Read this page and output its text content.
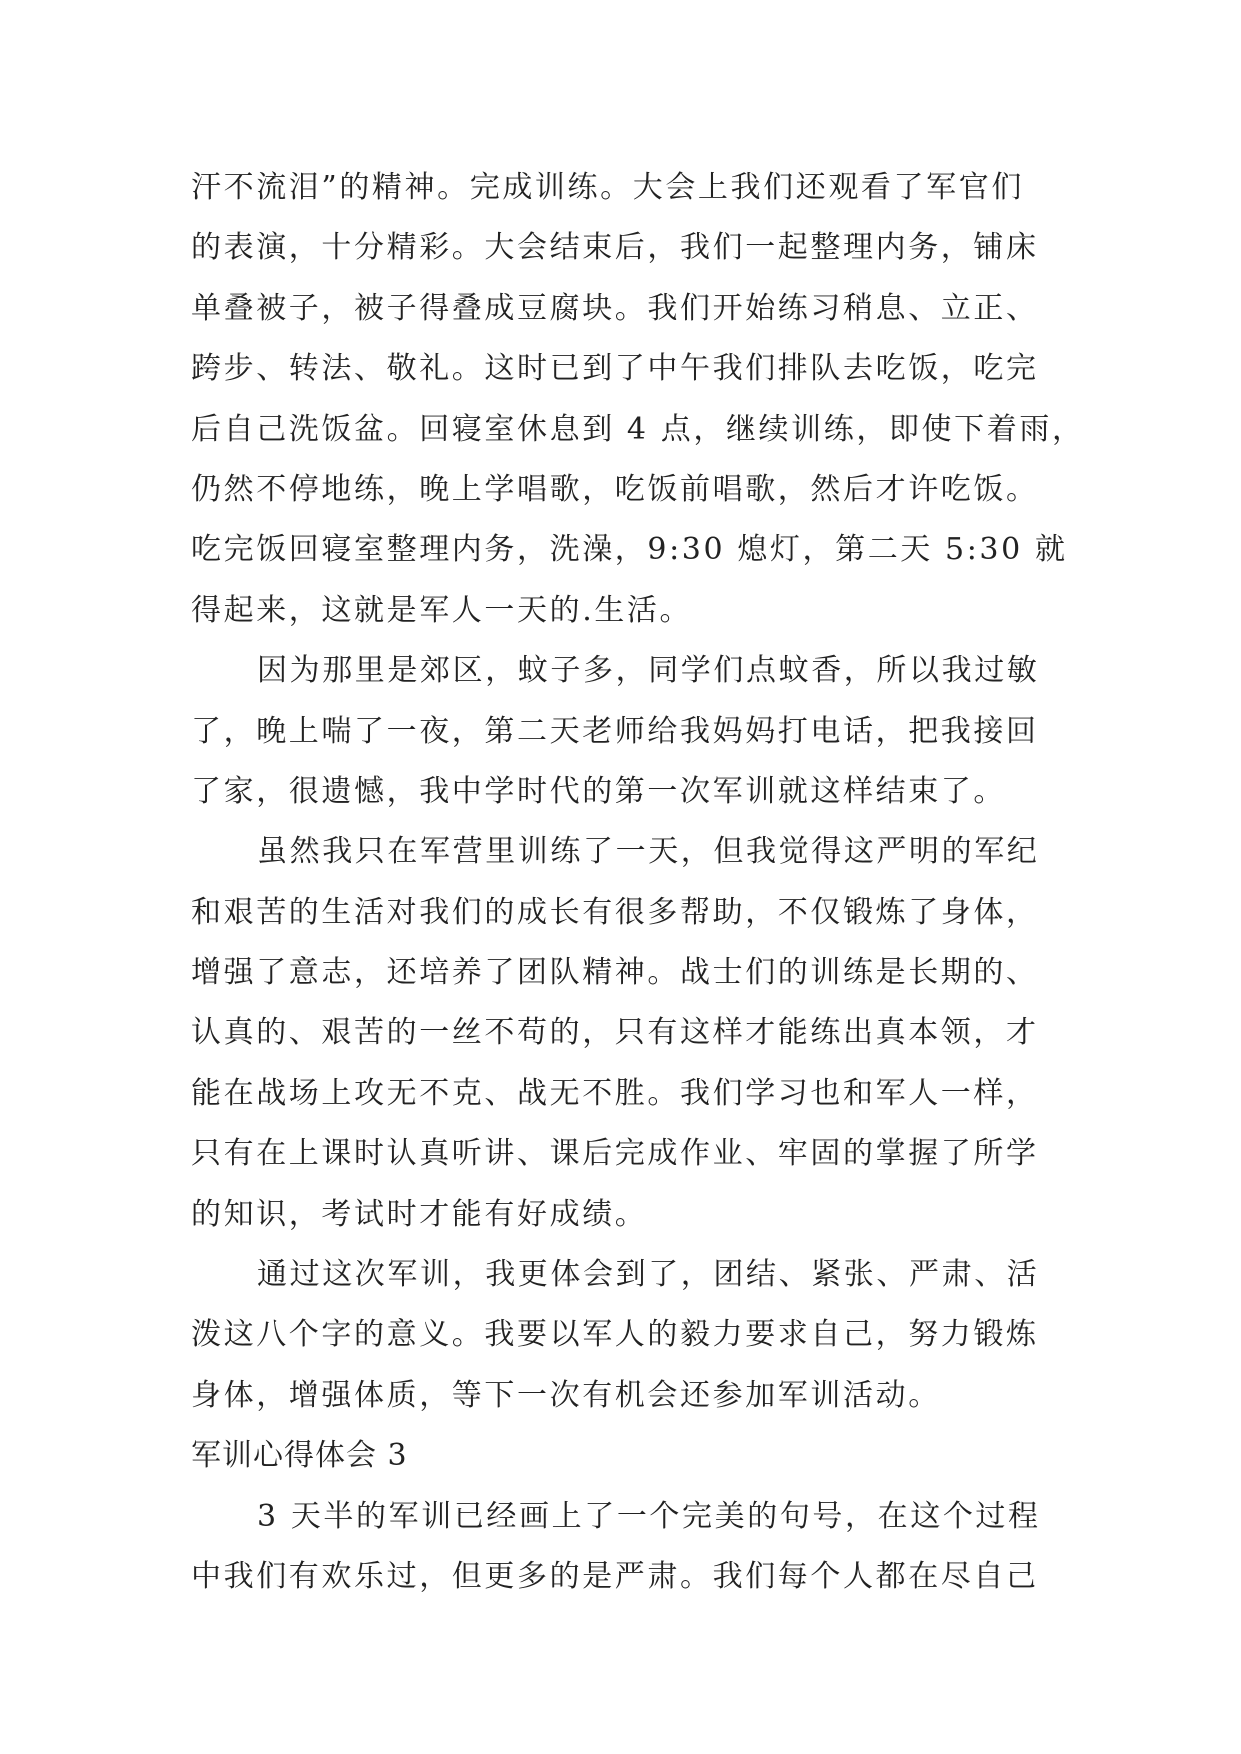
汗不流泪”的精神。完成训练。大会上我们还观看了军官们
的表演，十分精彩。大会结束后，我们一起整理内务，铺床
单叠被子，被子得叠成豆腐块。我们开始练习稍息、立正、
跨步、转法、敬礼。这时已到了中午我们排队去吃饭，吃完
后自己洗饭盆。回寝室休息到 4 点，继续训练，即使下着雨，
仍然不停地练，晚上学唱歌，吃饭前唱歌，然后才许吃饭。
吃完饭回寝室整理内务，洗澡，9:30 熄灯，第二天 5:30 就
得起来，这就是军人一天的.生活。
因为那里是郊区，蚊子多，同学们点蚊香，所以我过敏
了，晚上喘了一夜，第二天老师给我妈妈打电话，把我接回
了家，很遗憾，我中学时代的第一次军训就这样结束了。
虽然我只在军营里训练了一天，但我觉得这严明的军纪
和艰苦的生活对我们的成长有很多帮助，不仅锻炼了身体，
增强了意志，还培养了团队精神。战士们的训练是长期的、
认真的、艰苦的一丝不苟的，只有这样才能练出真本领，才
能在战场上攻无不克、战无不胜。我们学习也和军人一样，
只有在上课时认真听讲、课后完成作业、牢固的掌握了所学
的知识，考试时才能有好成绩。
通过这次军训，我更体会到了，团结、紧张、严肃、活
泼这八个字的意义。我要以军人的毅力要求自己，努力锻炼
身体，增强体质，等下一次有机会还参加军训活动。
军训心得体会 3
3 天半的军训已经画上了一个完美的句号，在这个过程
中我们有欢乐过，但更多的是严肃。我们每个人都在尽自己
